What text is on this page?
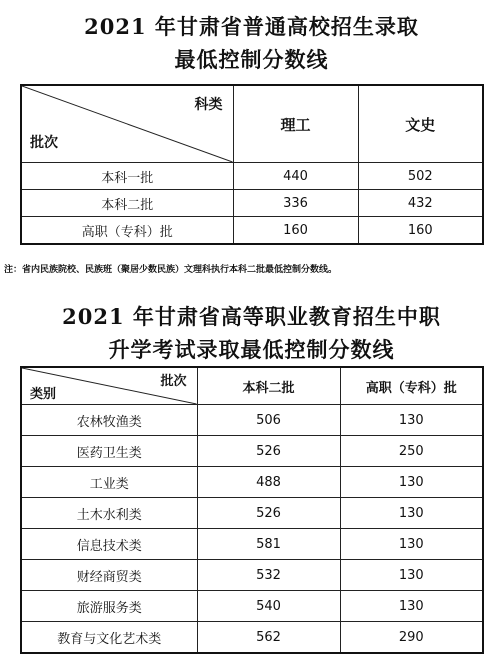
2021 年甘肃省普通高校招生录取
最低控制分数线
科类
批次	理工	文史
本科一批	440	502
本科二批	336	432
高职（专科）批	160	160
注：省内民族院校、民族班（聚居少数民族）文理科执行本科二批最低控制分数线。
2021 年甘肃省高等职业教育招生中职
升学考试录取最低控制分数线
批次
类别	本科二批	高职（专科）批
农林牧渔类	506	130
医药卫生类	526	250
工业类	488	130
土木水利类	526	130
信息技术类	581	130
财经商贸类	532	130
旅游服务类	540	130
教育与文化艺术类	562	290
